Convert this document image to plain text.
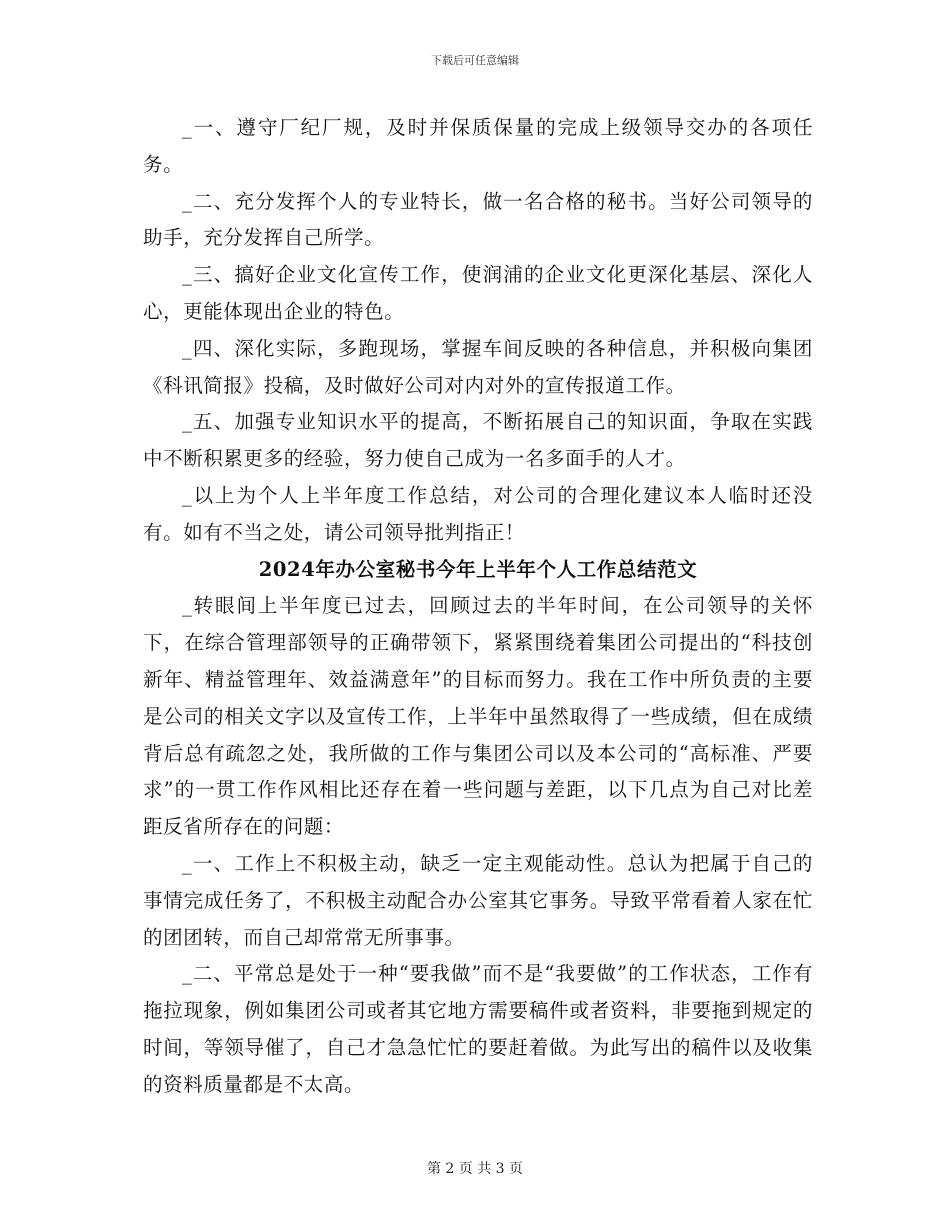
下载后可任意编辑

_一、遵守厂纪厂规，及时并保质保量的完成上级领导交办的各项任务。

_二、充分发挥个人的专业特长，做一名合格的秘书。当好公司领导的助手，充分发挥自己所学。

_三、搞好企业文化宣传工作，使润浦的企业文化更深化基层、深化人心，更能体现出企业的特色。

_四、深化实际，多跑现场，掌握车间反映的各种信息，并积极向集团《科讯简报》投稿，及时做好公司对内对外的宣传报道工作。

_五、加强专业知识水平的提高，不断拓展自己的知识面，争取在实践中不断积累更多的经验，努力使自己成为一名多面手的人才。

_以上为个人上半年度工作总结，对公司的合理化建议本人临时还没有。如有不当之处，请公司领导批判指正！

2024年办公室秘书今年上半年个人工作总结范文

_转眼间上半年度已过去，回顾过去的半年时间，在公司领导的关怀下，在综合管理部领导的正确带领下，紧紧围绕着集团公司提出的“科技创新年、精益管理年、效益满意年”的目标而努力。我在工作中所负责的主要是公司的相关文字以及宣传工作，上半年中虽然取得了一些成绩，但在成绩背后总有疏忽之处，我所做的工作与集团公司以及本公司的“高标准、严要求”的一贯工作作风相比还存在着一些问题与差距，以下几点为自己对比差距反省所存在的问题：

_一、工作上不积极主动，缺乏一定主观能动性。总认为把属于自己的事情完成任务了，不积极主动配合办公室其它事务。导致平常看着人家在忙的团团转，而自己却常常无所事事。

_二、平常总是处于一种“要我做”而不是“我要做”的工作状态，工作有拖拉现象，例如集团公司或者其它地方需要稿件或者资料，非要拖到规定的时间，等领导催了，自己才急急忙忙的要赶着做。为此写出的稿件以及收集的资料质量都是不太高。

第 2 页 共 3 页
